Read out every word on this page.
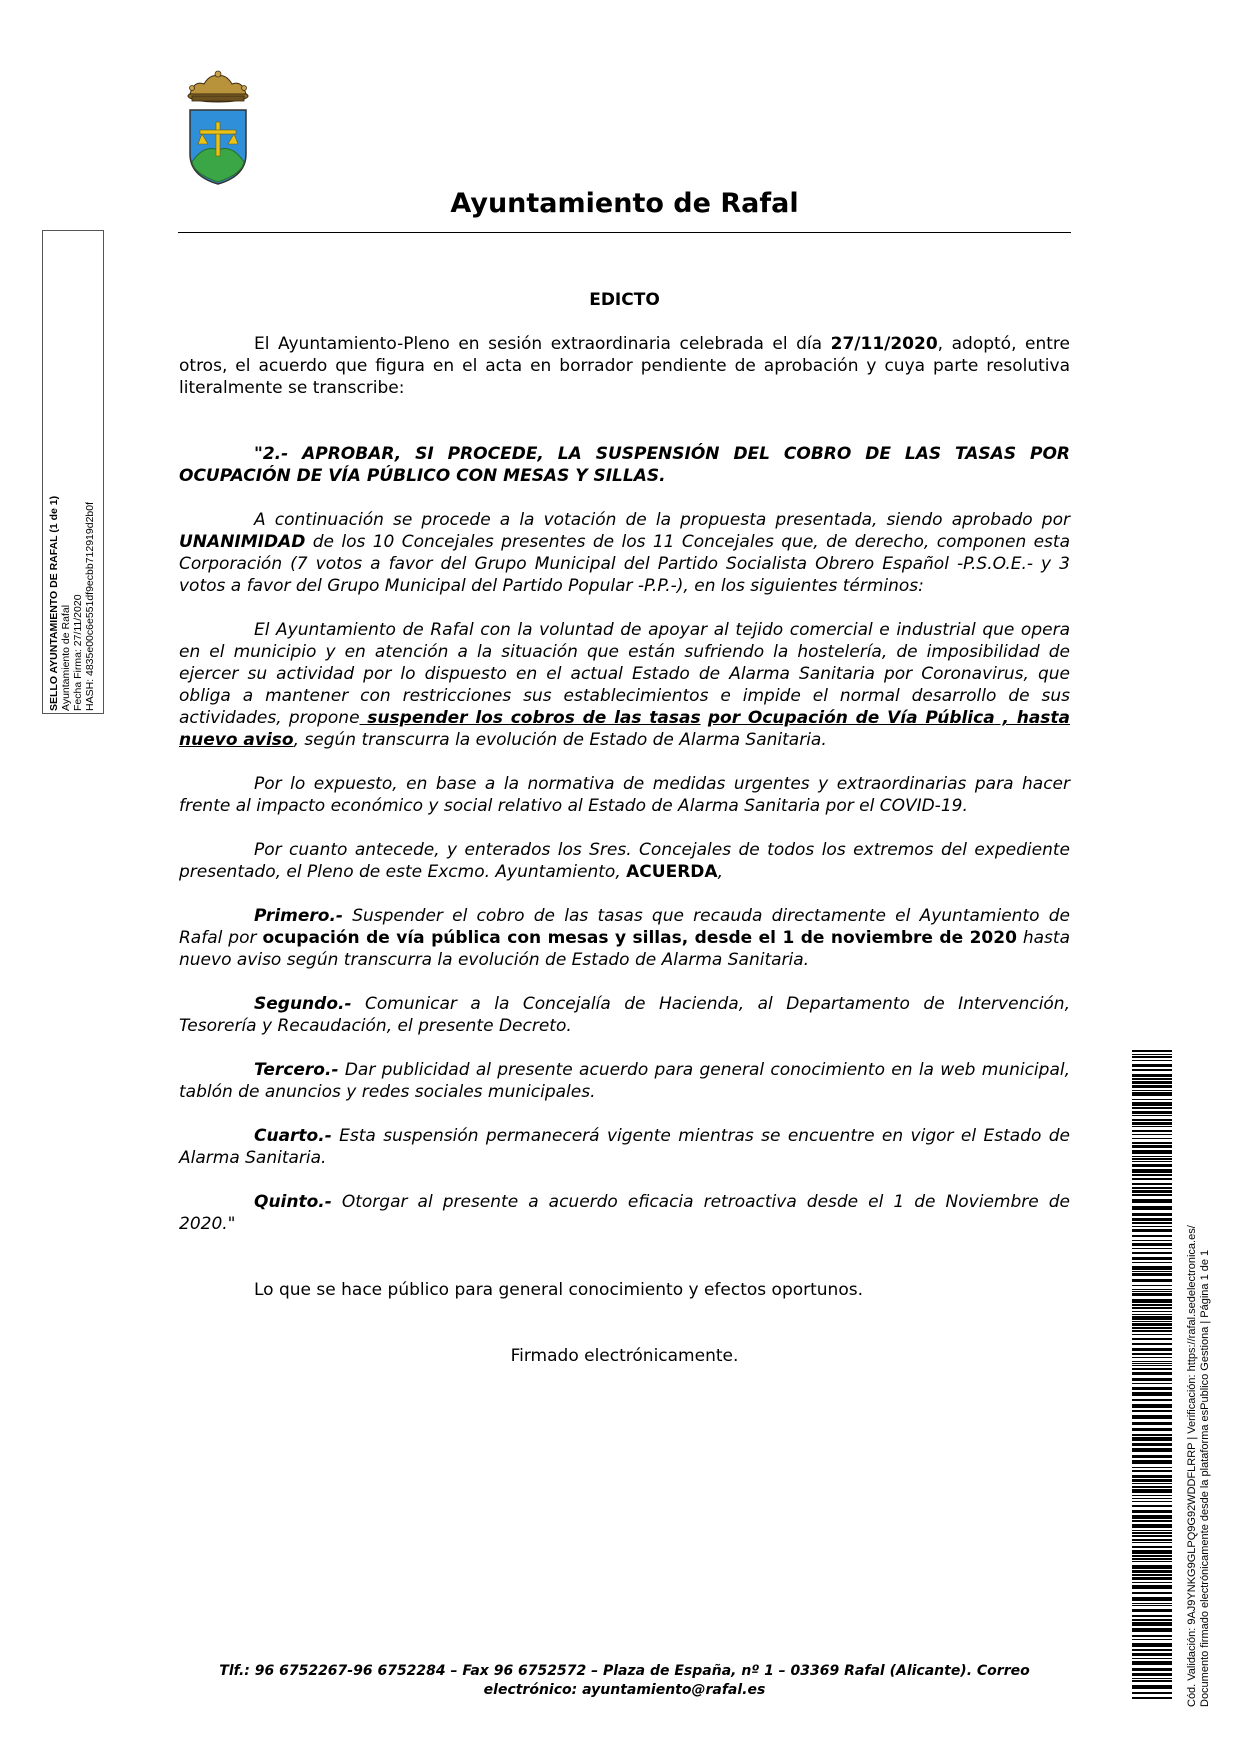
Ayuntamiento de Rafal
SELLO AYUNTAMIENTO DE RAFAL (1 de 1) Ayuntamiento de Rafal Fecha Firma: 27/11/2020 HASH: 4835e00c6e551df9ecbb712919d2b0f
EDICTO

El Ayuntamiento-Pleno en sesión extraordinaria celebrada el día 27/11/2020, adoptó, entre otros, el acuerdo que figura en el acta en borrador pendiente de aprobación y cuya parte resolutiva literalmente se transcribe:

"2.- APROBAR, SI PROCEDE, LA SUSPENSIÓN DEL COBRO DE LAS TASAS POR OCUPACIÓN DE VÍA PÚBLICO CON MESAS Y SILLAS.

A continuación se procede a la votación de la propuesta presentada, siendo aprobado por UNANIMIDAD de los 10 Concejales presentes de los 11 Concejales que, de derecho, componen esta Corporación (7 votos a favor del Grupo Municipal del Partido Socialista Obrero Español -P.S.O.E.- y 3 votos a favor del Grupo Municipal del Partido Popular -P.P.-), en los siguientes términos:

El Ayuntamiento de Rafal con la voluntad de apoyar al tejido comercial e industrial que opera en el municipio y en atención a la situación que están sufriendo la hostelería, de imposibilidad de ejercer su actividad por lo dispuesto en el actual Estado de Alarma Sanitaria por Coronavirus, que obliga a mantener con restricciones sus establecimientos e impide el normal desarrollo de sus actividades, propone suspender los cobros de las tasas por Ocupación de Vía Pública , hasta nuevo aviso, según transcurra la evolución de Estado de Alarma Sanitaria.

Por lo expuesto, en base a la normativa de medidas urgentes y extraordinarias para hacer frente al impacto económico y social relativo al Estado de Alarma Sanitaria por el COVID-19.

Por cuanto antecede, y enterados los Sres. Concejales de todos los extremos del expediente presentado, el Pleno de este Excmo. Ayuntamiento, ACUERDA,

Primero.- Suspender el cobro de las tasas que recauda directamente el Ayuntamiento de Rafal por ocupación de vía pública con mesas y sillas, desde el 1 de noviembre de 2020 hasta nuevo aviso según transcurra la evolución de Estado de Alarma Sanitaria.

Segundo.- Comunicar a la Concejalía de Hacienda, al Departamento de Intervención, Tesorería y Recaudación, el presente Decreto.

Tercero.- Dar publicidad al presente acuerdo para general conocimiento en la web municipal, tablón de anuncios y redes sociales municipales.

Cuarto.- Esta suspensión permanecerá vigente mientras se encuentre en vigor el Estado de Alarma Sanitaria.

Quinto.- Otorgar al presente a acuerdo eficacia retroactiva desde el 1 de Noviembre de 2020."

Lo que se hace público para general conocimiento y efectos oportunos.

Firmado electrónicamente.

Tlf.: 96 6752267-96 6752284 – Fax 96 6752572 – Plaza de España, nº 1 – 03369 Rafal (Alicante). Correo
electrónico: ayuntamiento@rafal.es	Cód. Validación: 9AJ9YNKG9GLPQ9G92WDDFLRRP | Verificación: https://rafal.sedelectronica.es/ Documento firmado electrónicamente desde la plataforma esPublico Gestiona | Página 1 de 1
